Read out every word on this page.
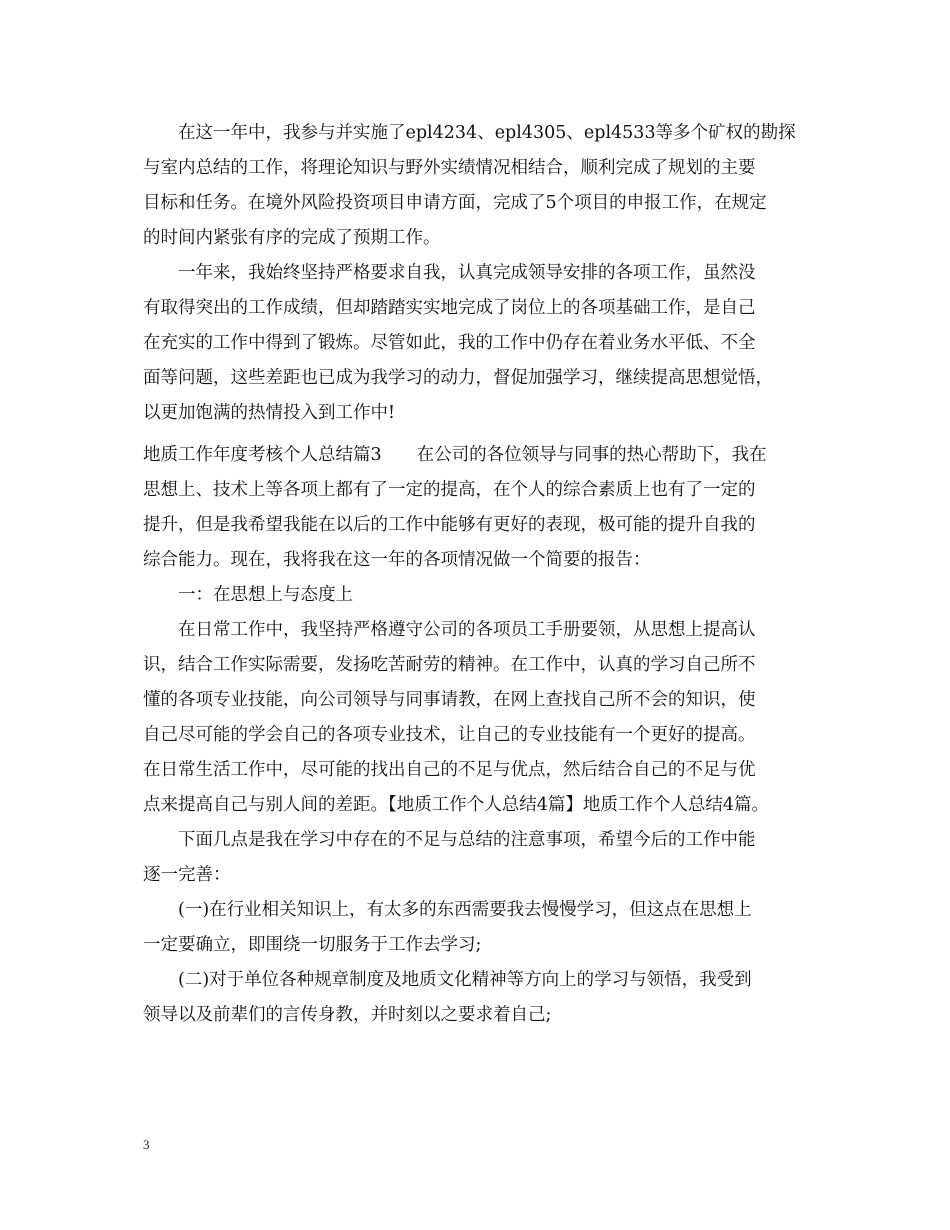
　　在这一年中，我参与并实施了epl4234、epl4305、epl4533等多个矿权的勘探
与室内总结的工作，将理论知识与野外实绩情况相结合，顺利完成了规划的主要
目标和任务。在境外风险投资项目申请方面，完成了5个项目的申报工作，在规定
的时间内紧张有序的完成了预期工作。
　　一年来，我始终坚持严格要求自我，认真完成领导安排的各项工作，虽然没
有取得突出的工作成绩，但却踏踏实实地完成了岗位上的各项基础工作，是自己
在充实的工作中得到了锻炼。尽管如此，我的工作中仍存在着业务水平低、不全
面等问题，这些差距也已成为我学习的动力，督促加强学习，继续提高思想觉悟，
以更加饱满的热情投入到工作中!
地质工作年度考核个人总结篇3　　在公司的各位领导与同事的热心帮助下，我在
思想上、技术上等各项上都有了一定的提高，在个人的综合素质上也有了一定的
提升，但是我希望我能在以后的工作中能够有更好的表现，极可能的提升自我的
综合能力。现在，我将我在这一年的各项情况做一个简要的报告：
　　一：在思想上与态度上
　　在日常工作中，我坚持严格遵守公司的各项员工手册要领，从思想上提高认
识，结合工作实际需要，发扬吃苦耐劳的精神。在工作中，认真的学习自己所不
懂的各项专业技能，向公司领导与同事请教，在网上查找自己所不会的知识，使
自己尽可能的学会自己的各项专业技术，让自己的专业技能有一个更好的提高。
在日常生活工作中，尽可能的找出自己的不足与优点，然后结合自己的不足与优
点来提高自己与别人间的差距。【地质工作个人总结4篇】地质工作个人总结4篇。
　　下面几点是我在学习中存在的不足与总结的注意事项，希望今后的工作中能
逐一完善：
　　(一)在行业相关知识上，有太多的东西需要我去慢慢学习，但这点在思想上
一定要确立，即围绕一切服务于工作去学习;
　　(二)对于单位各种规章制度及地质文化精神等方向上的学习与领悟，我受到
领导以及前辈们的言传身教，并时刻以之要求着自己;
3
